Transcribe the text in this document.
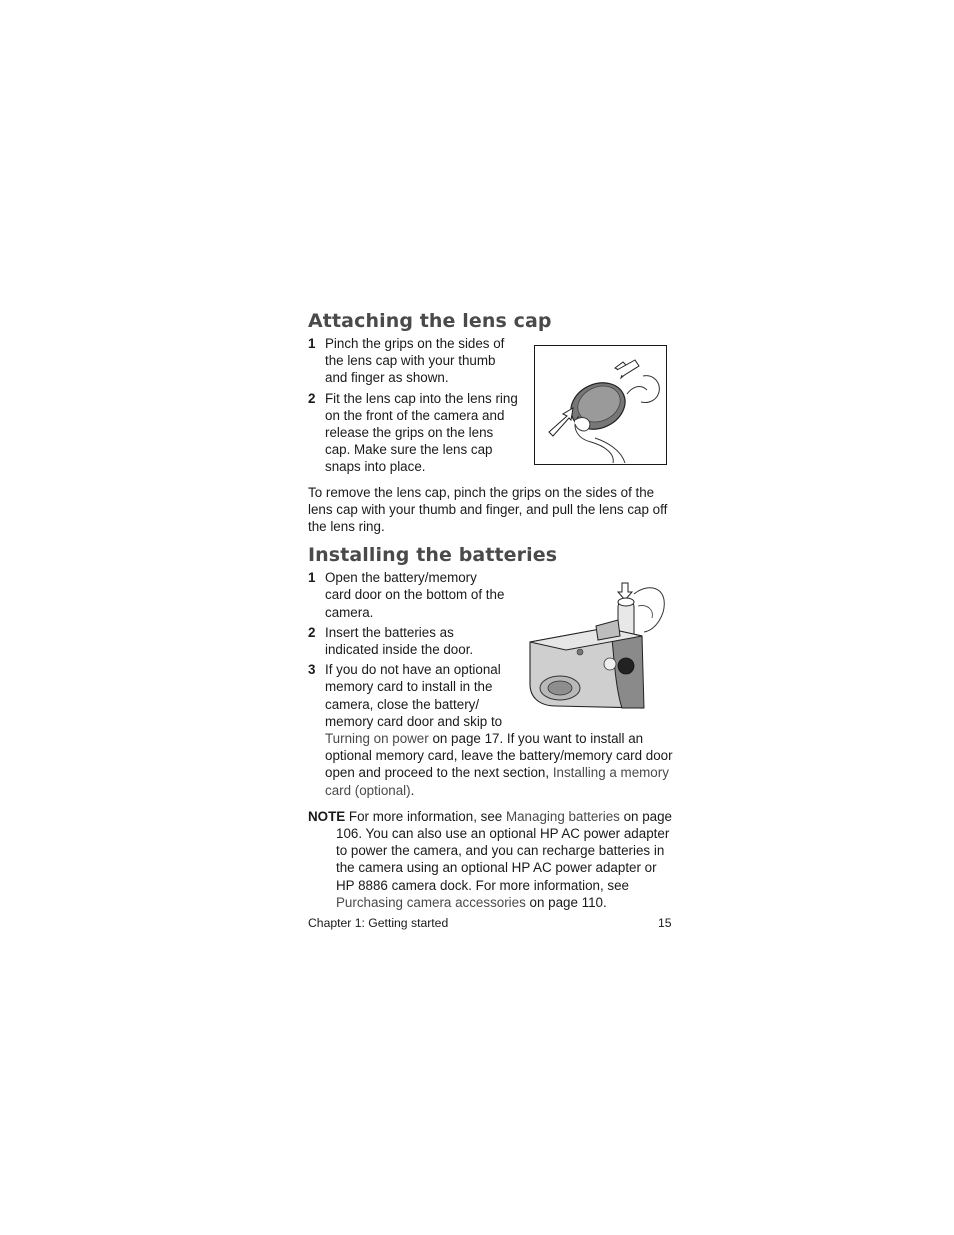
Attaching the lens cap
1 Pinch the grips on the sides of the lens cap with your thumb and finger as shown.
2 Fit the lens cap into the lens ring on the front of the camera and release the grips on the lens cap. Make sure the lens cap snaps into place.

To remove the lens cap, pinch the grips on the sides of the lens cap with your thumb and finger, and pull the lens cap off the lens ring.

Installing the batteries
1 Open the battery/memory card door on the bottom of the camera.
2 Insert the batteries as indicated inside the door.
3 If you do not have an optional memory card to install in the camera, close the battery/ memory card door and skip to Turning on power on page 17. If you want to install an optional memory card, leave the battery/memory card door open and proceed to the next section, Installing a memory card (optional).
NOTE For more information, see Managing batteries on page 106. You can also use an optional HP AC power adapter to power the camera, and you can recharge batteries in the camera using an optional HP AC power adapter or HP 8886 camera dock. For more information, see Purchasing camera accessories on page 110.
Chapter 1: Getting started	15
